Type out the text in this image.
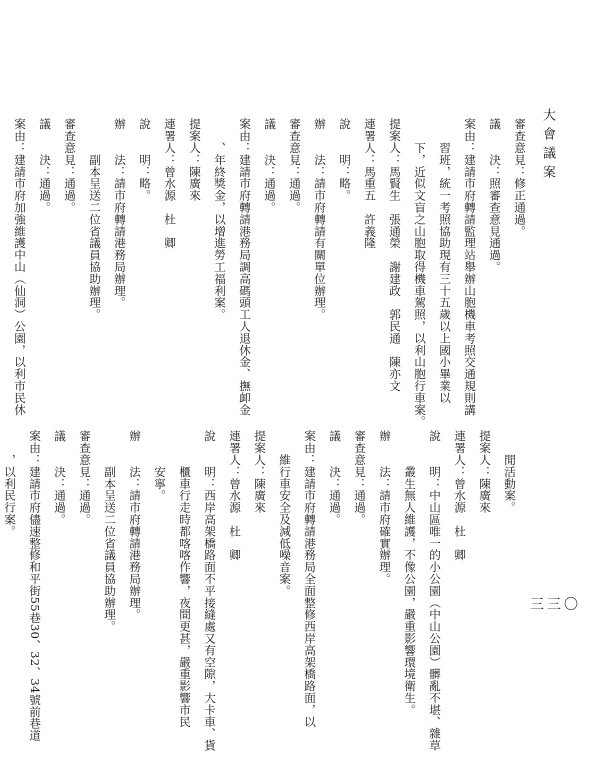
大會議案
三三〇
審查意見：修正通過。
議　　決：照審查意見通過。
案由：建請市府轉請監理站舉辦山胞機車考照交通規則講
　　習班，統一考照協助現有三十五歲以上國小畢業以
　　下，近似文盲之山胞取得機車駕照，以利山胞行車案。
提案人：馬賢生　張通榮　謝建政　郭民通　陳亦文
連署人：馬重五　許義隆
說　　明：略。
辦　　法：請市府轉請有關單位辦理。
審查意見：通過。
議　　決：通過。
案由：建請市府轉請港務局調高碼頭工人退休金、撫卹金
　　、年終獎金，以增進勞工福利案。
提案人：陳廣來
連署人：曾水源　杜　卿
說　　明：略。
辦　　法：請市府轉請港務局辦理。
　　　副本呈送二位省議員協助辦理。
審查意見：通過。
議　　決：通過。
案由：建請市府加強維護中山（仙洞）公園，以利市民休
　　閒活動案。
提案人：陳廣來
連署人：曾水源　杜　卿
說　　明：中山區唯一的小公園（中山公園）髒亂不堪、雜草
　　　叢生無人維護，不像公園，嚴重影響環境衛生。
辦　　法：請市府確實辦理。
審查意見：通過。
議　　決：通過。
案由：建請市府轉請港務局全面整修西岸高架橋路面，以
　　維行車安全及減低噪音案。
提案人：陳廣來
連署人：曾水源　杜　卿
說　　明：西岸高架橋路面不平接縫處又有空隙，大卡車、貨
　　　櫃車行走時都喀喀作響，夜間更甚，嚴重影響市民
　　　安寧。
辦　　法：請市府轉請港務局辦理。
　　　副本呈送二位省議員協助辦理。
審查意見：通過。
議　　決：通過。
案由：建請市府儘速整修和平街55巷30、32、34號前巷道
　　，以利民行案。
